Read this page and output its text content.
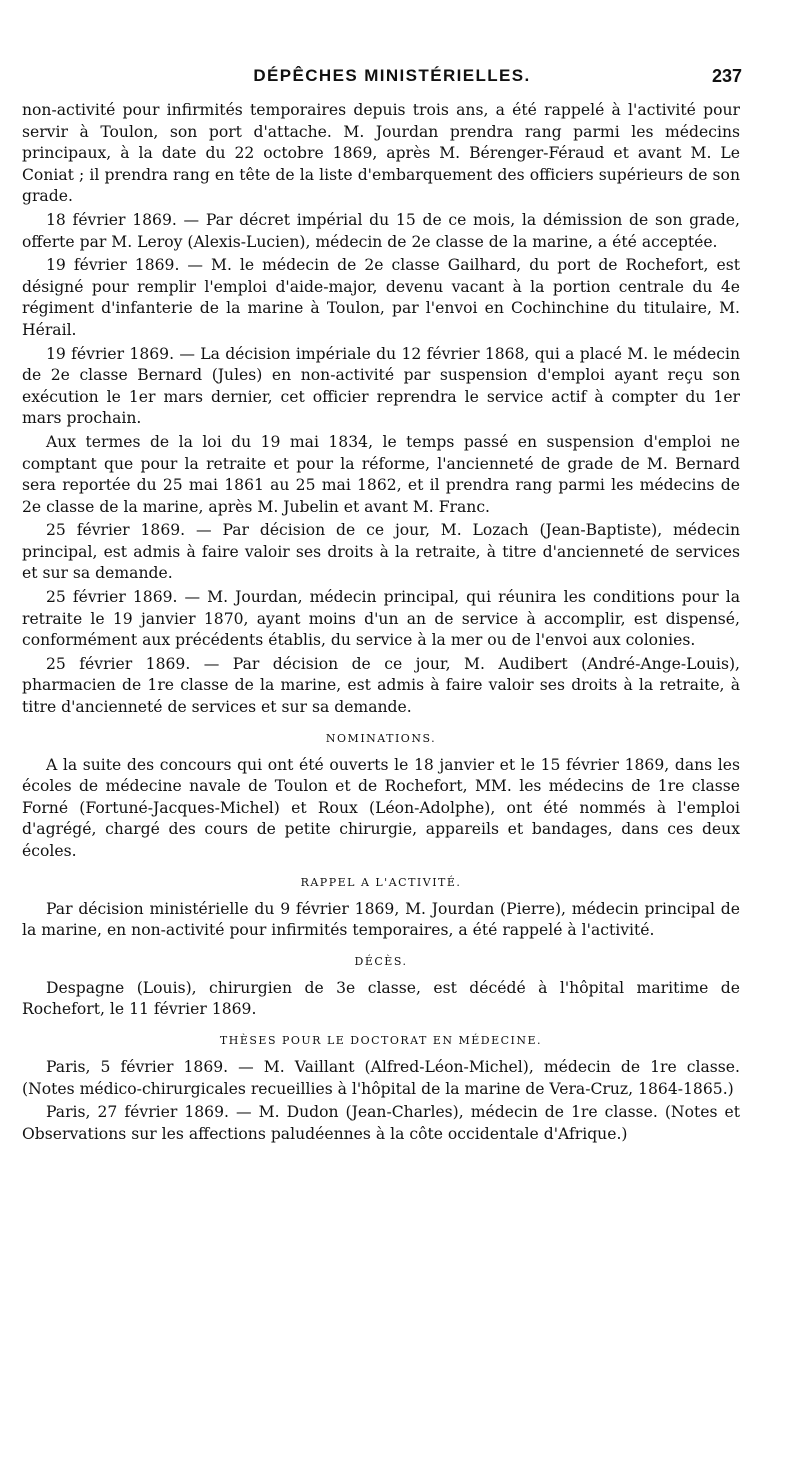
DÉPÊCHES MINISTÉRIELLES.	237

non-activité pour infirmités temporaires depuis trois ans, a été rappelé à l'activité pour servir à Toulon, son port d'attache. M. Jourdan prendra rang parmi les médecins principaux, à la date du 22 octobre 1869, après M. Bérenger-Féraud et avant M. Le Coniat ; il prendra rang en tête de la liste d'embarquement des officiers supérieurs de son grade.

18 février 1869. — Par décret impérial du 15 de ce mois, la démission de son grade, offerte par M. Leroy (Alexis-Lucien), médecin de 2e classe de la marine, a été acceptée.

19 février 1869. — M. le médecin de 2e classe Gailhard, du port de Rochefort, est désigné pour remplir l'emploi d'aide-major, devenu vacant à la portion centrale du 4e régiment d'infanterie de la marine à Toulon, par l'envoi en Cochinchine du titulaire, M. Hérail.

19 février 1869. — La décision impériale du 12 février 1868, qui a placé M. le médecin de 2e classe Bernard (Jules) en non-activité par suspension d'emploi ayant reçu son exécution le 1er mars dernier, cet officier reprendra le service actif à compter du 1er mars prochain.

Aux termes de la loi du 19 mai 1834, le temps passé en suspension d'emploi ne comptant que pour la retraite et pour la réforme, l'ancienneté de grade de M. Bernard sera reportée du 25 mai 1861 au 25 mai 1862, et il prendra rang parmi les médecins de 2e classe de la marine, après M. Jubelin et avant M. Franc.

25 février 1869. — Par décision de ce jour, M. Lozach (Jean-Baptiste), médecin principal, est admis à faire valoir ses droits à la retraite, à titre d'ancienneté de services et sur sa demande.

25 février 1869. — M. Jourdan, médecin principal, qui réunira les conditions pour la retraite le 19 janvier 1870, ayant moins d'un an de service à accomplir, est dispensé, conformément aux précédents établis, du service à la mer ou de l'envoi aux colonies.

25 février 1869. — Par décision de ce jour, M. Audibert (André-Ange-Louis), pharmacien de 1re classe de la marine, est admis à faire valoir ses droits à la retraite, à titre d'ancienneté de services et sur sa demande.

NOMINATIONS.

A la suite des concours qui ont été ouverts le 18 janvier et le 15 février 1869, dans les écoles de médecine navale de Toulon et de Rochefort, MM. les médecins de 1re classe Forné (Fortuné-Jacques-Michel) et Roux (Léon-Adolphe), ont été nommés à l'emploi d'agrégé, chargé des cours de petite chirurgie, appareils et bandages, dans ces deux écoles.

RAPPEL A L'ACTIVITÉ.

Par décision ministérielle du 9 février 1869, M. Jourdan (Pierre), médecin principal de la marine, en non-activité pour infirmités temporaires, a été rappelé à l'activité.

DÉCÈS.

Despagne (Louis), chirurgien de 3e classe, est décédé à l'hôpital maritime de Rochefort, le 11 février 1869.

THÈSES POUR LE DOCTORAT EN MÉDECINE.

Paris, 5 février 1869. — M. Vaillant (Alfred-Léon-Michel), médecin de 1re classe. (Notes médico-chirurgicales recueillies à l'hôpital de la marine de Vera-Cruz, 1864-1865.)

Paris, 27 février 1869. — M. Dudon (Jean-Charles), médecin de 1re classe. (Notes et Observations sur les affections paludéennes à la côte occidentale d'Afrique.)
